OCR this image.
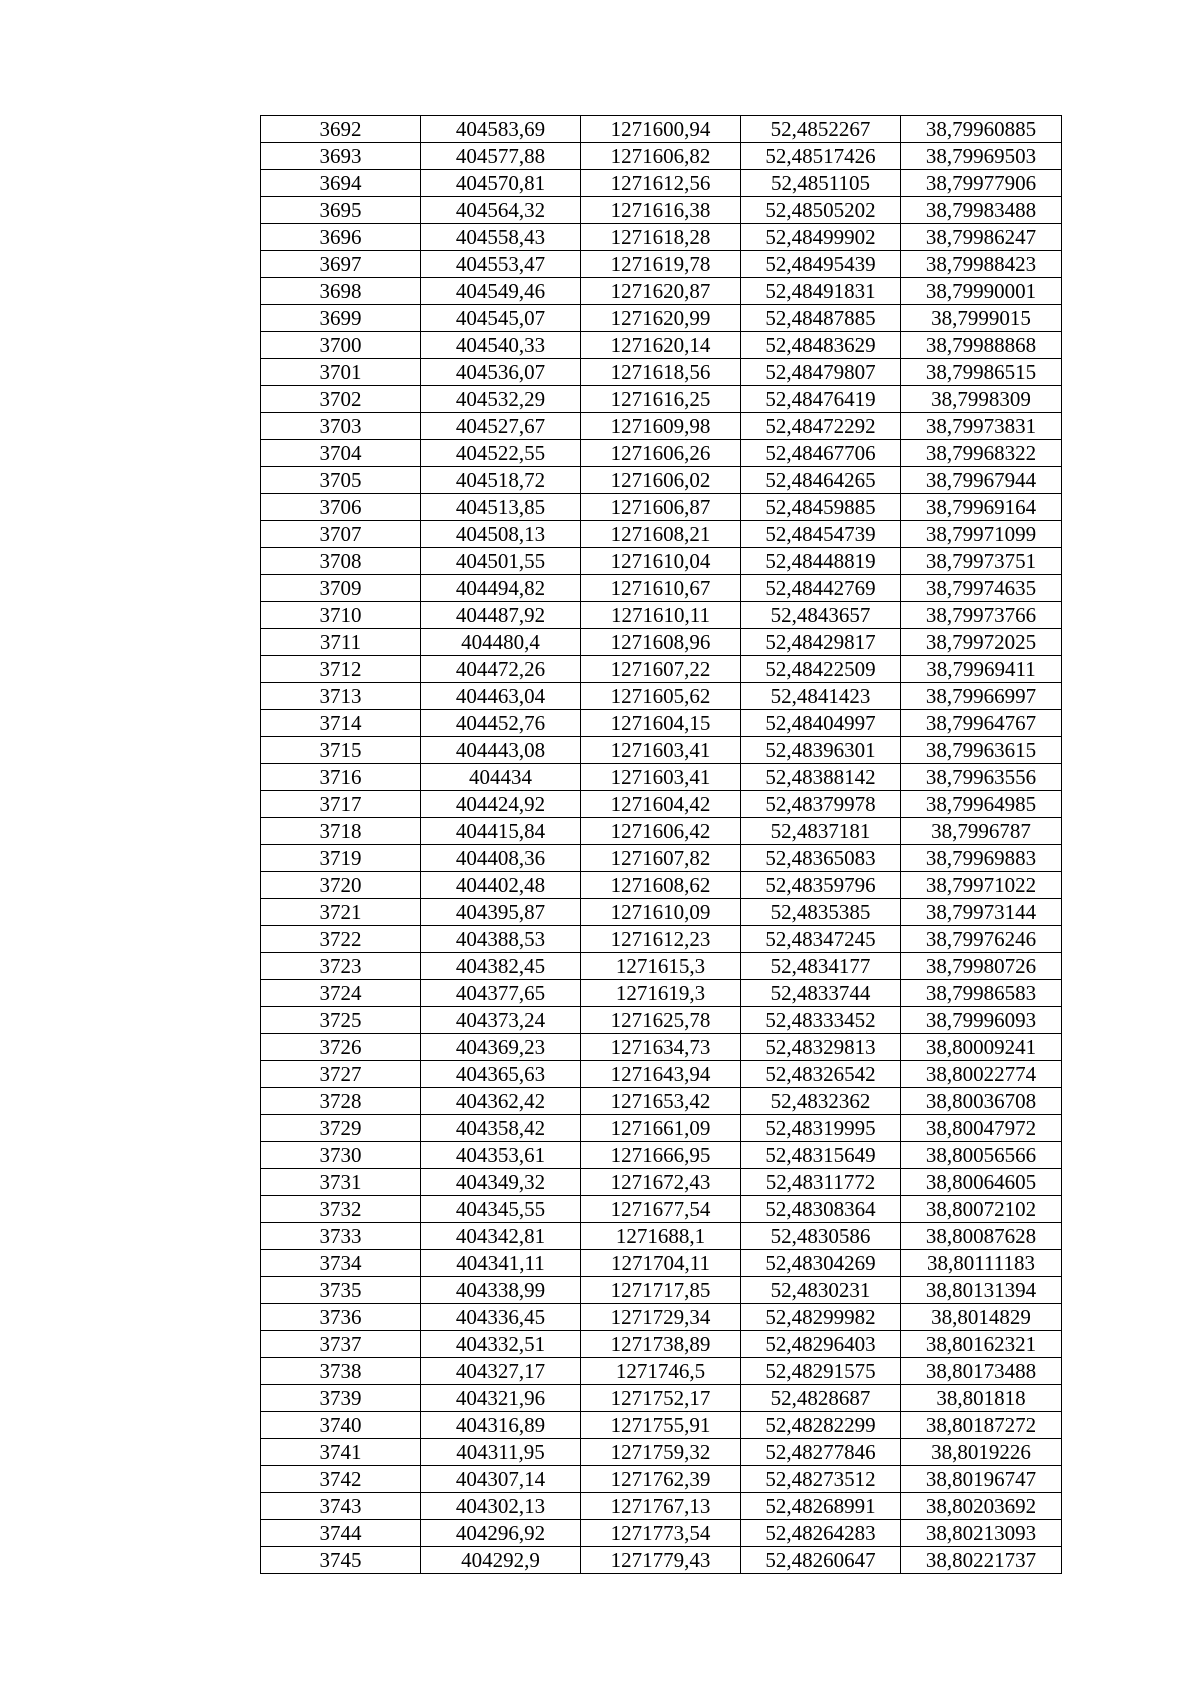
3692	404583,69	1271600,94	52,4852267	38,79960885
3693	404577,88	1271606,82	52,48517426	38,79969503
3694	404570,81	1271612,56	52,4851105	38,79977906
3695	404564,32	1271616,38	52,48505202	38,79983488
3696	404558,43	1271618,28	52,48499902	38,79986247
3697	404553,47	1271619,78	52,48495439	38,79988423
3698	404549,46	1271620,87	52,48491831	38,79990001
3699	404545,07	1271620,99	52,48487885	38,7999015
3700	404540,33	1271620,14	52,48483629	38,79988868
3701	404536,07	1271618,56	52,48479807	38,79986515
3702	404532,29	1271616,25	52,48476419	38,7998309
3703	404527,67	1271609,98	52,48472292	38,79973831
3704	404522,55	1271606,26	52,48467706	38,79968322
3705	404518,72	1271606,02	52,48464265	38,79967944
3706	404513,85	1271606,87	52,48459885	38,79969164
3707	404508,13	1271608,21	52,48454739	38,79971099
3708	404501,55	1271610,04	52,48448819	38,79973751
3709	404494,82	1271610,67	52,48442769	38,79974635
3710	404487,92	1271610,11	52,4843657	38,79973766
3711	404480,4	1271608,96	52,48429817	38,79972025
3712	404472,26	1271607,22	52,48422509	38,79969411
3713	404463,04	1271605,62	52,4841423	38,79966997
3714	404452,76	1271604,15	52,48404997	38,79964767
3715	404443,08	1271603,41	52,48396301	38,79963615
3716	404434	1271603,41	52,48388142	38,79963556
3717	404424,92	1271604,42	52,48379978	38,79964985
3718	404415,84	1271606,42	52,4837181	38,7996787
3719	404408,36	1271607,82	52,48365083	38,79969883
3720	404402,48	1271608,62	52,48359796	38,79971022
3721	404395,87	1271610,09	52,4835385	38,79973144
3722	404388,53	1271612,23	52,48347245	38,79976246
3723	404382,45	1271615,3	52,4834177	38,79980726
3724	404377,65	1271619,3	52,4833744	38,79986583
3725	404373,24	1271625,78	52,48333452	38,79996093
3726	404369,23	1271634,73	52,48329813	38,80009241
3727	404365,63	1271643,94	52,48326542	38,80022774
3728	404362,42	1271653,42	52,4832362	38,80036708
3729	404358,42	1271661,09	52,48319995	38,80047972
3730	404353,61	1271666,95	52,48315649	38,80056566
3731	404349,32	1271672,43	52,48311772	38,80064605
3732	404345,55	1271677,54	52,48308364	38,80072102
3733	404342,81	1271688,1	52,4830586	38,80087628
3734	404341,11	1271704,11	52,48304269	38,80111183
3735	404338,99	1271717,85	52,4830231	38,80131394
3736	404336,45	1271729,34	52,48299982	38,8014829
3737	404332,51	1271738,89	52,48296403	38,80162321
3738	404327,17	1271746,5	52,48291575	38,80173488
3739	404321,96	1271752,17	52,4828687	38,801818
3740	404316,89	1271755,91	52,48282299	38,80187272
3741	404311,95	1271759,32	52,48277846	38,8019226
3742	404307,14	1271762,39	52,48273512	38,80196747
3743	404302,13	1271767,13	52,48268991	38,80203692
3744	404296,92	1271773,54	52,48264283	38,80213093
3745	404292,9	1271779,43	52,48260647	38,80221737
